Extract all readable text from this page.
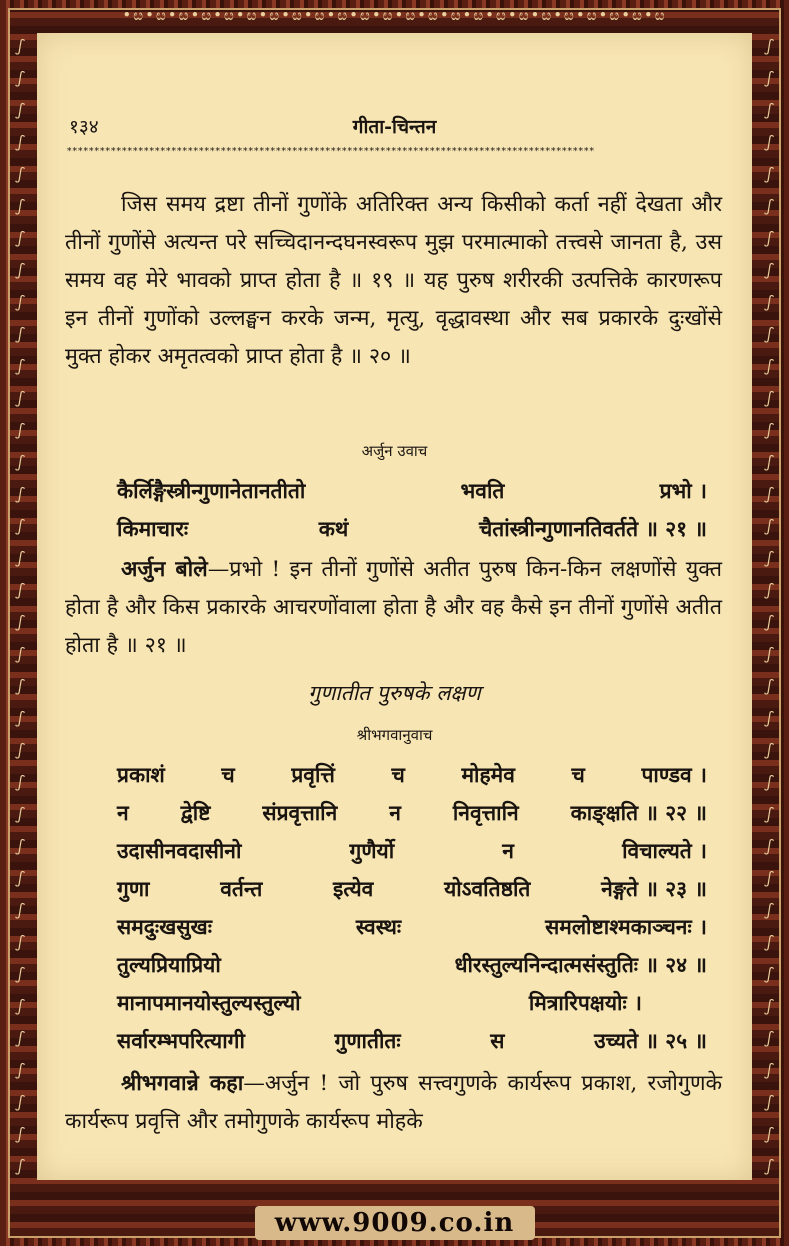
•ೞ•ೞ•ೞ•ೞ•ೞ•ೞ•ೞ•ೞ•ೞ•ೞ•ೞ•ೞ•ೞ•ೞ•ೞ•ೞ•ೞ•ೞ•ೞ•ೞ•ೞ•ೞ•ೞ•ೞ
ഽ
ഽ
ഽ
ഽ
ഽ
ഽ
ഽ
ഽ
ഽ
ഽ
ഽ
ഽ
ഽ
ഽ
ഽ
ഽ
ഽ
ഽ
ഽ
ഽ
ഽ
ഽ
ഽ
ഽ
ഽ
ഽ
ഽ
ഽ
ഽ
ഽ
ഽ
ഽ
ഽ
ഽ
ഽ
ഽ
ഽ
ഽ
ഽ
ഽ
ഽ
ഽ
ഽ
ഽ
ഽ
ഽ
ഽ
ഽ
ഽ
ഽ
ഽ
ഽ
ഽ
ഽ
ഽ
ഽ
ഽ
ഽ
ഽ
ഽ
ഽ
ഽ
ഽ
ഽ
ഽ
ഽ
ഽ
ഽ
ഽ
ഽ
ഽ
ഽ
www.9009.co.in
१३४	गीता-चिन्तन
************************************************************************************************
जिस समय द्रष्टा तीनों गुणोंके अतिरिक्त अन्य किसीको कर्ता नहीं देखता और तीनों गुणोंसे अत्यन्त परे सच्चिदानन्दघनस्वरूप मुझ परमात्माको तत्त्वसे जानता है, उस समय वह मेरे भावको प्राप्त होता है ॥ १९ ॥ यह पुरुष शरीरकी उत्पत्तिके कारणरूप इन तीनों गुणोंको उल्लङ्घन करके जन्म, मृत्यु, वृद्धावस्था और सब प्रकारके दुःखोंसे मुक्त होकर अमृतत्वको प्राप्त होता है ॥ २० ॥
अर्जुन उवाच
कैर्लिङ्गैस्त्रीन्गुणानेतानतीतो	भवति	प्रभो ।
किमाचारः	कथं	चैतांस्त्रीन्गुणानतिवर्तते ॥ २१ ॥
अर्जुन बोले—प्रभो ! इन तीनों गुणोंसे अतीत पुरुष किन-किन लक्षणोंसे युक्त होता है और किस प्रकारके आचरणोंवाला होता है और वह कैसे इन तीनों गुणोंसे अतीत होता है ॥ २१ ॥
गुणातीत पुरुषके लक्षण
श्रीभगवानुवाच
प्रकाशं	च	प्रवृत्तिं	च	मोहमेव	च	पाण्डव ।
न द्वेष्टि संप्रवृत्तानि न निवृत्तानि काङ्क्षति ॥ २२ ॥
उदासीनवदासीनो	गुणैर्यो	न	विचाल्यते ।
गुणा	वर्तन्त	इत्येव	योऽवतिष्ठति	नेङ्गते ॥ २३ ॥
समदुःखसुखः	स्वस्थः	समलोष्टाश्मकाञ्चनः ।
तुल्यप्रियाप्रियो	धीरस्तुल्यनिन्दात्मसंस्तुतिः ॥ २४ ॥
मानापमानयोस्तुल्यस्तुल्यो	मित्रारिपक्षयोः ।
सर्वारम्भपरित्यागी	गुणातीतः	स	उच्यते ॥ २५ ॥
श्रीभगवान्ने कहा—अर्जुन ! जो पुरुष सत्त्वगुणके कार्यरूप प्रकाश, रजोगुणके कार्यरूप प्रवृत्ति और तमोगुणके कार्यरूप मोहके
